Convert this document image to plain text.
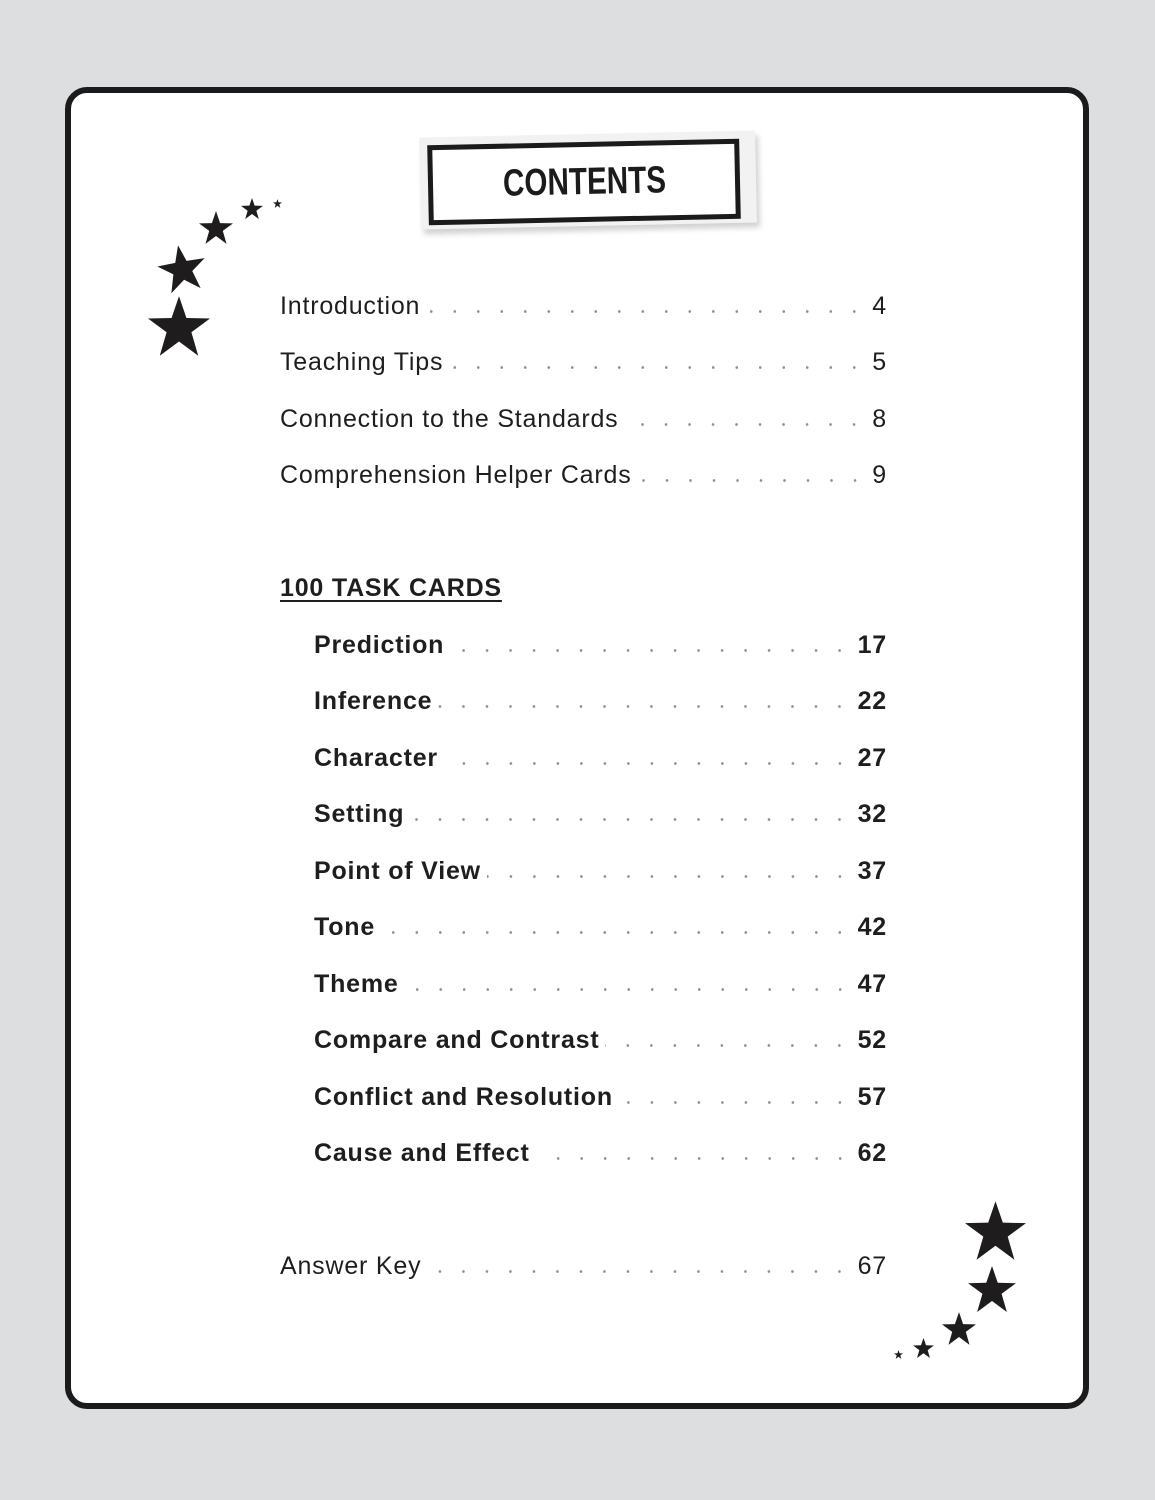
CONTENTS
Introduction	4
Teaching Tips	5
Connection to the Standards	8
Comprehension Helper Cards	9
100 TASK CARDS
Prediction	17
Inference	22
Character	27
Setting	32
Point of View	37
Tone	42
Theme	47
Compare and Contrast	52
Conflict and Resolution	57
Cause and Effect	62
Answer Key	67
